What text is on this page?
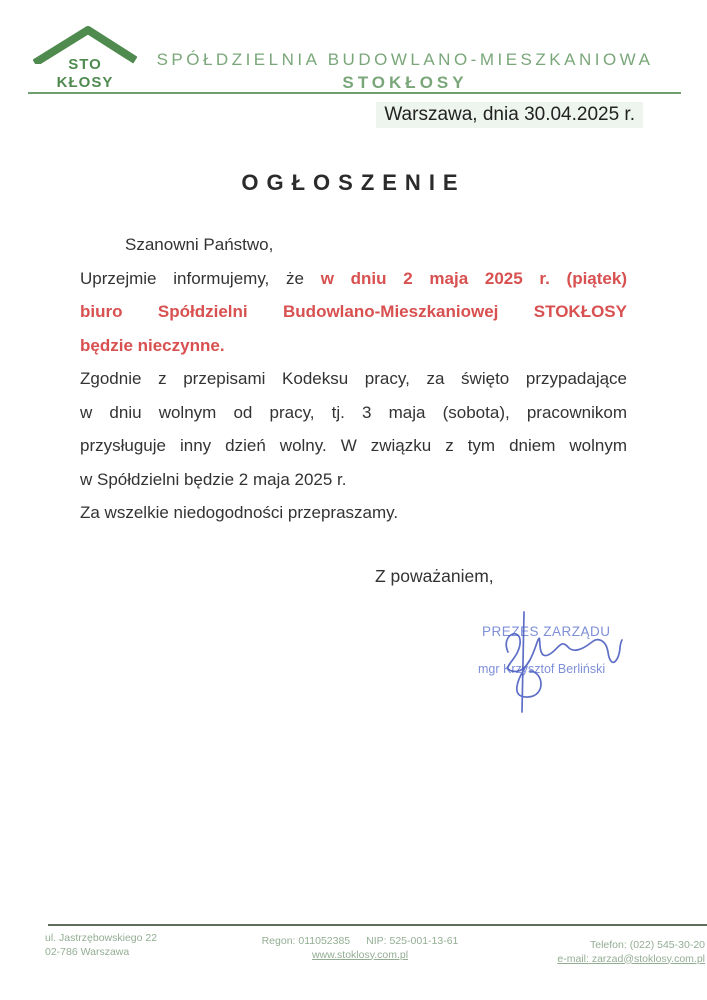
STO
KŁOSY
SPÓŁDZIELNIA BUDOWLANO-MIESZKANIOWA
STOKŁOSY
Warszawa, dnia 30.04.2025 r.
OGŁOSZENIE
Szanowni Państwo,
Uprzejmie informujemy, że w dniu 2 maja 2025 r. (piątek)
biuro Spółdzielni Budowlano-Mieszkaniowej STOKŁOSY
będzie nieczynne.
Zgodnie z przepisami Kodeksu pracy, za święto przypadające
w dniu wolnym od pracy, tj. 3 maja (sobota), pracownikom
przysługuje inny dzień wolny. W związku z tym dniem wolnym
w Spółdzielni będzie 2 maja 2025 r.
Za wszelkie niedogodności przepraszamy.
Z poważaniem,
PREZES ZARZĄDU
mgr Krzysztof Berliński
ul. Jastrzębowskiego 22
02-786 Warszawa
Regon: 011052385 NIP: 525-001-13-61
www.stoklosy.com.pl
Telefon: (022) 545-30-20
e-mail: zarzad@stoklosy.com.pl
